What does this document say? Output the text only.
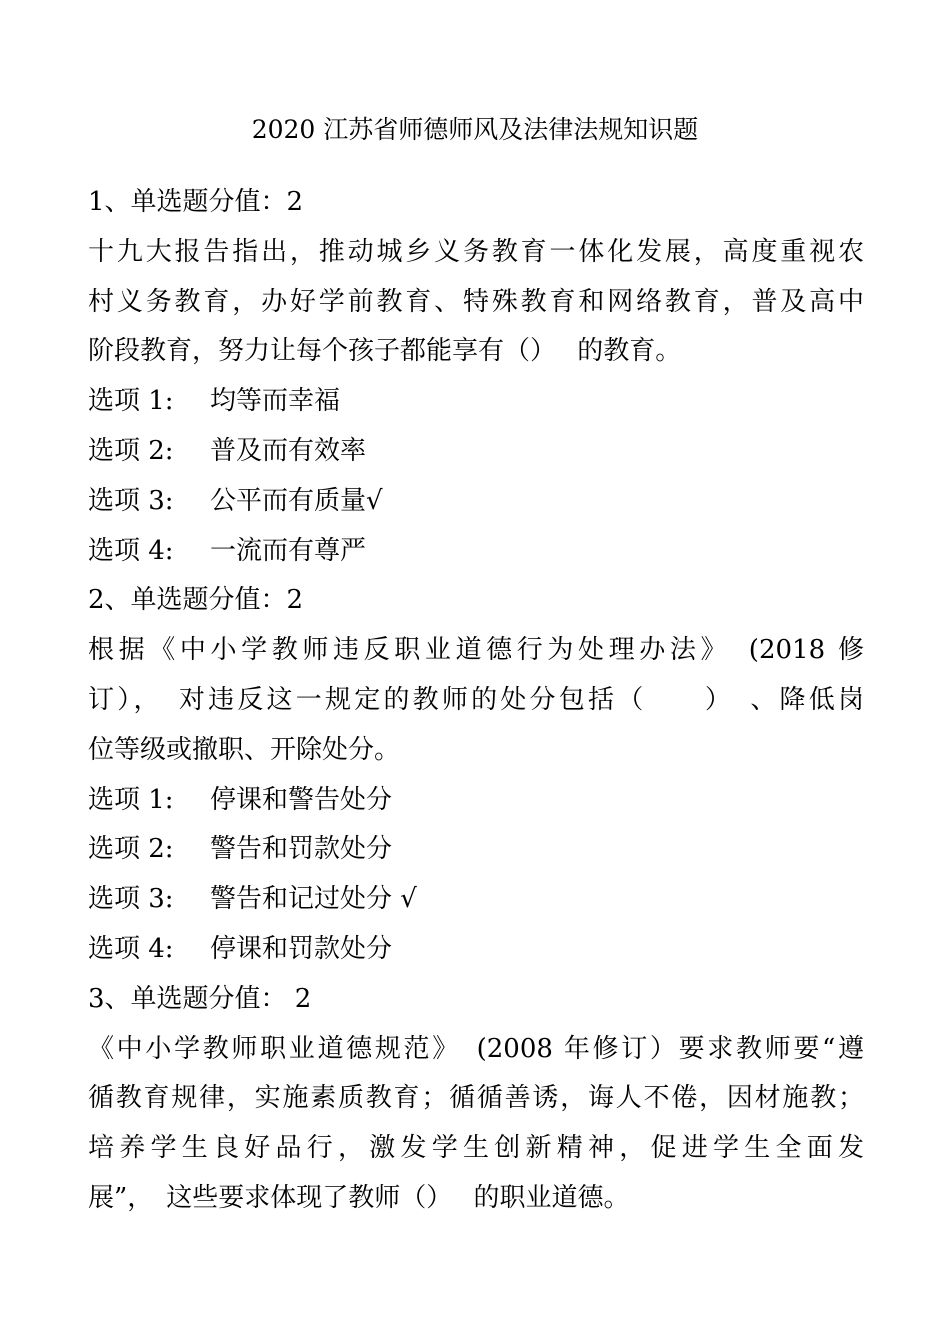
2020 江苏省师德师风及法律法规知识题
1、单选题分值：2
十九大报告指出，推动城乡义务教育一体化发展，高度重视农
村义务教育，办好学前教育、特殊教育和网络教育，普及高中
阶段教育，努力让每个孩子都能享有（）　 的教育。
选项 1:	均等而幸福
选项 2:	普及而有效率
选项 3:	公平而有质量√
选项 4:	一流而有尊严
2、单选题分值：2
根据《中小学教师违反职业道德行为处理办法》　(2018 修
订），　对违反这一规定的教师的处分包括（　　）　、降低岗
位等级或撤职、开除处分。
选项 1:	停课和警告处分
选项 2:	警告和罚款处分
选项 3:	警告和记过处分 √
选项 4:	停课和罚款处分
3、单选题分值： 2
《中小学教师职业道德规范》　(2008 年修订）要求教师要“遵
循教育规律，实施素质教育；循循善诱，诲人不倦，因材施教；
培养学生良好品行，激发学生创新精神，促进学生全面发
展”，　这些要求体现了教师（）　 的职业道德。
